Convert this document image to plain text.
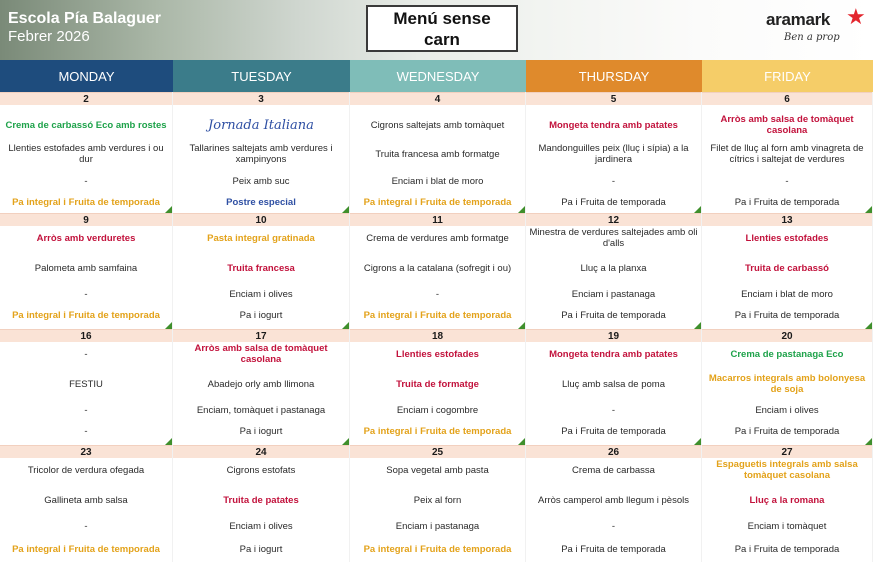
Escola Pía Balaguer
Febrer 2026
Menú sense
carn
aramark ★
Ben a prop
MONDAY	TUESDAY	WEDNESDAY	THURSDAY	FRIDAY
2
Crema de carbassó Eco amb rostes
Llenties estofades amb verdures i ou dur
-
Pa integral i Fruita de temporada
3
Jornada Italiana
Tallarines saltejats amb verdures i xampinyons
Peix amb suc
Postre especial
4
Cigrons saltejats amb tomàquet
Truita francesa amb formatge
Enciam i blat de moro
Pa integral i Fruita de temporada
5
Mongeta tendra amb patates
Mandonguilles peix (lluç i sípia) a la jardinera
-
Pa i Fruita de temporada
6
Arròs amb salsa de tomàquet casolana
Filet de lluç al forn amb vinagreta de cítrics i saltejat de verdures
-
Pa i Fruita de temporada
9
Arròs amb verduretes
Palometa amb samfaina
-
Pa integral i Fruita de temporada
10
Pasta integral gratinada
Truita francesa
Enciam i olives
Pa i iogurt
11
Crema de verdures amb formatge
Cigrons a la catalana (sofregit i ou)
-
Pa integral i Fruita de temporada
12
Minestra de verdures saltejades amb oli d'alls
Lluç a la planxa
Enciam i pastanaga
Pa i Fruita de temporada
13
Llenties estofades
Truita de carbassó
Enciam i blat de moro
Pa i Fruita de temporada
16
-
FESTIU
-
-
17
Arròs amb salsa de tomàquet casolana
Abadejo orly amb llimona
Enciam, tomàquet i pastanaga
Pa i iogurt
18
Llenties estofades
Truita de formatge
Enciam i cogombre
Pa integral i Fruita de temporada
19
Mongeta tendra amb patates
Lluç amb salsa de poma
-
Pa i Fruita de temporada
20
Crema de pastanaga Eco
Macarros integrals amb bolonyesa de soja
Enciam i olives
Pa i Fruita de temporada
23
Tricolor de verdura ofegada
Gallineta amb salsa
-
Pa integral i Fruita de temporada
24
Cigrons estofats
Truita de patates
Enciam i olives
Pa i iogurt
25
Sopa vegetal amb pasta
Peix al forn
Enciam i pastanaga
Pa integral i Fruita de temporada
26
Crema de carbassa
Arròs camperol amb llegum i pèsols
-
Pa i Fruita de temporada
27
Espaguetis integrals amb salsa tomàquet casolana
Lluç a la romana
Enciam i tomàquet
Pa i Fruita de temporada
